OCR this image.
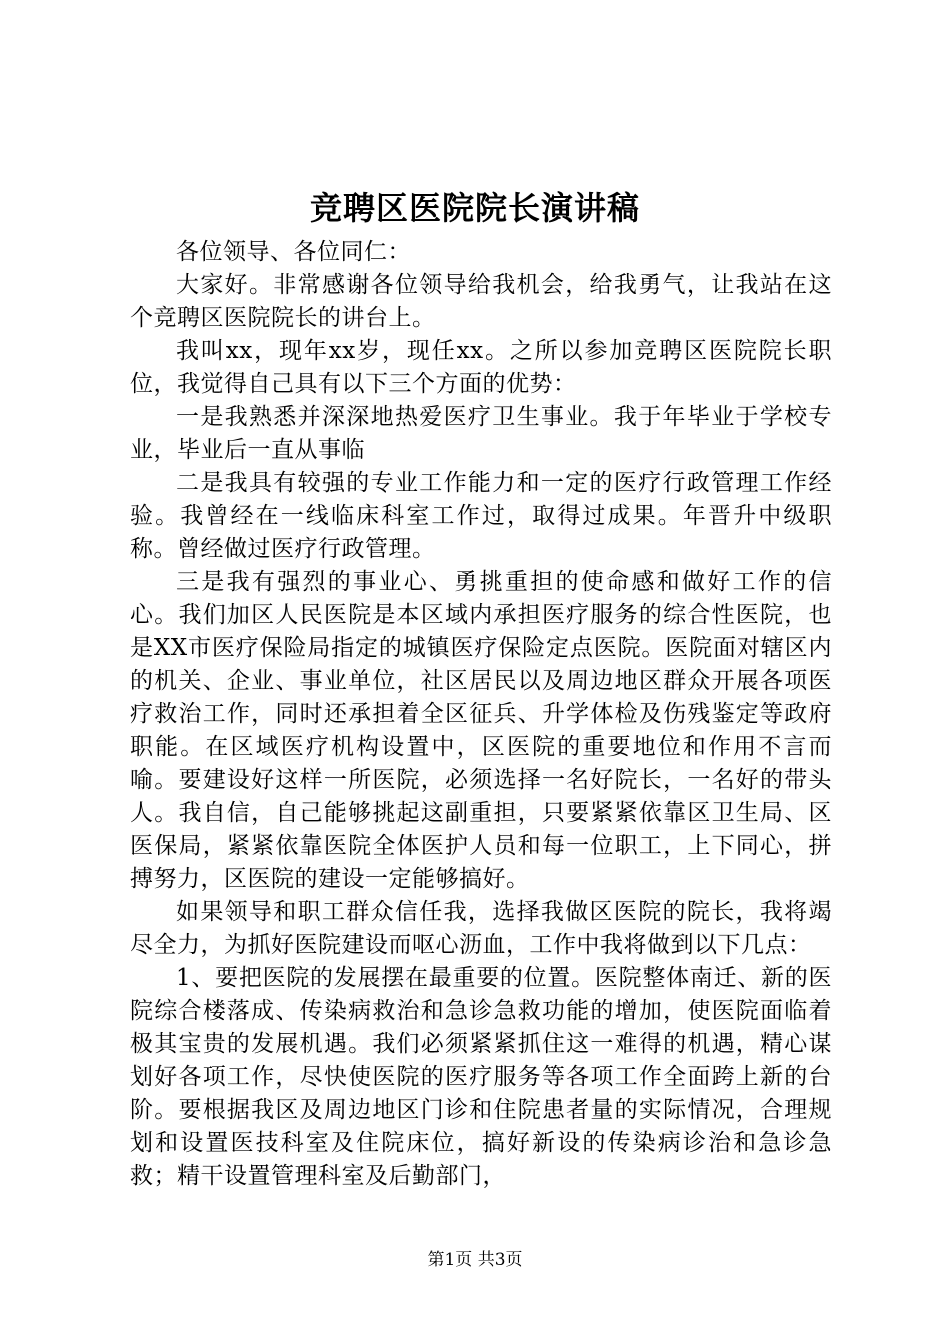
竞聘区医院院长演讲稿

各位领导、各位同仁：

大家好。非常感谢各位领导给我机会，给我勇气，让我站在这个竞聘区医院院长的讲台上。

我叫xx，现年xx岁，现任xx。之所以参加竞聘区医院院长职位，我觉得自己具有以下三个方面的优势：

一是我熟悉并深深地热爱医疗卫生事业。我于年毕业于学校专业，毕业后一直从事临

二是我具有较强的专业工作能力和一定的医疗行政管理工作经验。我曾经在一线临床科室工作过，取得过成果。年晋升中级职称。曾经做过医疗行政管理。

三是我有强烈的事业心、勇挑重担的使命感和做好工作的信心。我们加区人民医院是本区域内承担医疗服务的综合性医院，也是XX市医疗保险局指定的城镇医疗保险定点医院。医院面对辖区内的机关、企业、事业单位，社区居民以及周边地区群众开展各项医疗救治工作，同时还承担着全区征兵、升学体检及伤残鉴定等政府职能。在区域医疗机构设置中，区医院的重要地位和作用不言而喻。要建设好这样一所医院，必须选择一名好院长，一名好的带头人。我自信，自己能够挑起这副重担，只要紧紧依靠区卫生局、区医保局，紧紧依靠医院全体医护人员和每一位职工，上下同心，拼搏努力，区医院的建设一定能够搞好。

如果领导和职工群众信任我，选择我做区医院的院长，我将竭尽全力，为抓好医院建设而呕心沥血，工作中我将做到以下几点：

1、要把医院的发展摆在最重要的位置。医院整体南迁、新的医院综合楼落成、传染病救治和急诊急救功能的增加，使医院面临着极其宝贵的发展机遇。我们必须紧紧抓住这一难得的机遇，精心谋划好各项工作，尽快使医院的医疗服务等各项工作全面跨上新的台阶。要根据我区及周边地区门诊和住院患者量的实际情况，合理规划和设置医技科室及住院床位，搞好新设的传染病诊治和急诊急救；精干设置管理科室及后勤部门，

第1页 共3页
